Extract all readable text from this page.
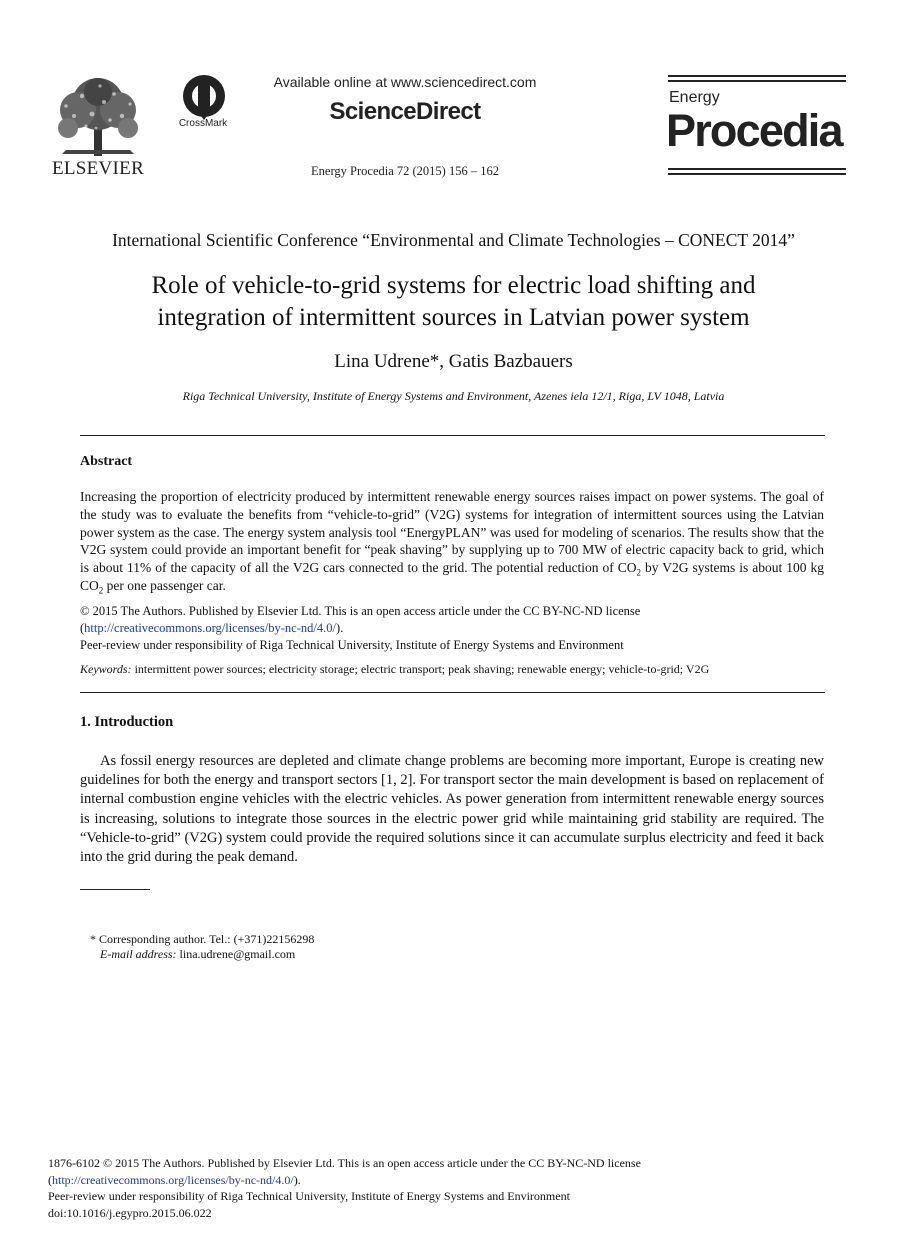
ELSEVIER
CrossMark
Available online at www.sciencedirect.com
ScienceDirect
Energy Procedia 72 (2015) 156 – 162
Energy
Procedia
International Scientific Conference “Environmental and Climate Technologies – CONECT 2014”
Role of vehicle-to-grid systems for electric load shifting and
integration of intermittent sources in Latvian power system
Lina Udrene*, Gatis Bazbauers
Riga Technical University, Institute of Energy Systems and Environment, Azenes iela 12/1, Riga, LV 1048, Latvia
Abstract
Increasing the proportion of electricity produced by intermittent renewable energy sources raises impact on power systems. The goal of the study was to evaluate the benefits from “vehicle-to-grid” (V2G) systems for integration of intermittent sources using the Latvian power system as the case. The energy system analysis tool “EnergyPLAN” was used for modeling of scenarios. The results show that the V2G system could provide an important benefit for “peak shaving” by supplying up to 700 MW of electric capacity back to grid, which is about 11% of the capacity of all the V2G cars connected to the grid. The potential reduction of $CO_2$ by V2G systems is about 100 kg $CO_2$ per one passenger car.
© 2015 The Authors. Published by Elsevier Ltd. This is an open access article under the CC BY-NC-ND license
(http://creativecommons.org/licenses/by-nc-nd/4.0/).
Peer-review under responsibility of Riga Technical University, Institute of Energy Systems and Environment
Keywords: intermittent power sources; electricity storage; electric transport; peak shaving; renewable energy; vehicle-to-grid; V2G
1. Introduction
As fossil energy resources are depleted and climate change problems are becoming more important, Europe is creating new guidelines for both the energy and transport sectors [1, 2]. For transport sector the main development is based on replacement of internal combustion engine vehicles with the electric vehicles. As power generation from intermittent renewable energy sources is increasing, solutions to integrate those sources in the electric power grid while maintaining grid stability are required. The “Vehicle-to-grid” (V2G) system could provide the required solutions since it can accumulate surplus electricity and feed it back into the grid during the peak demand.
* Corresponding author. Tel.: (+371)22156298
E-mail address: lina.udrene@gmail.com
1876-6102 © 2015 The Authors. Published by Elsevier Ltd. This is an open access article under the CC BY-NC-ND license
(http://creativecommons.org/licenses/by-nc-nd/4.0/).
Peer-review under responsibility of Riga Technical University, Institute of Energy Systems and Environment
doi:10.1016/j.egypro.2015.06.022
